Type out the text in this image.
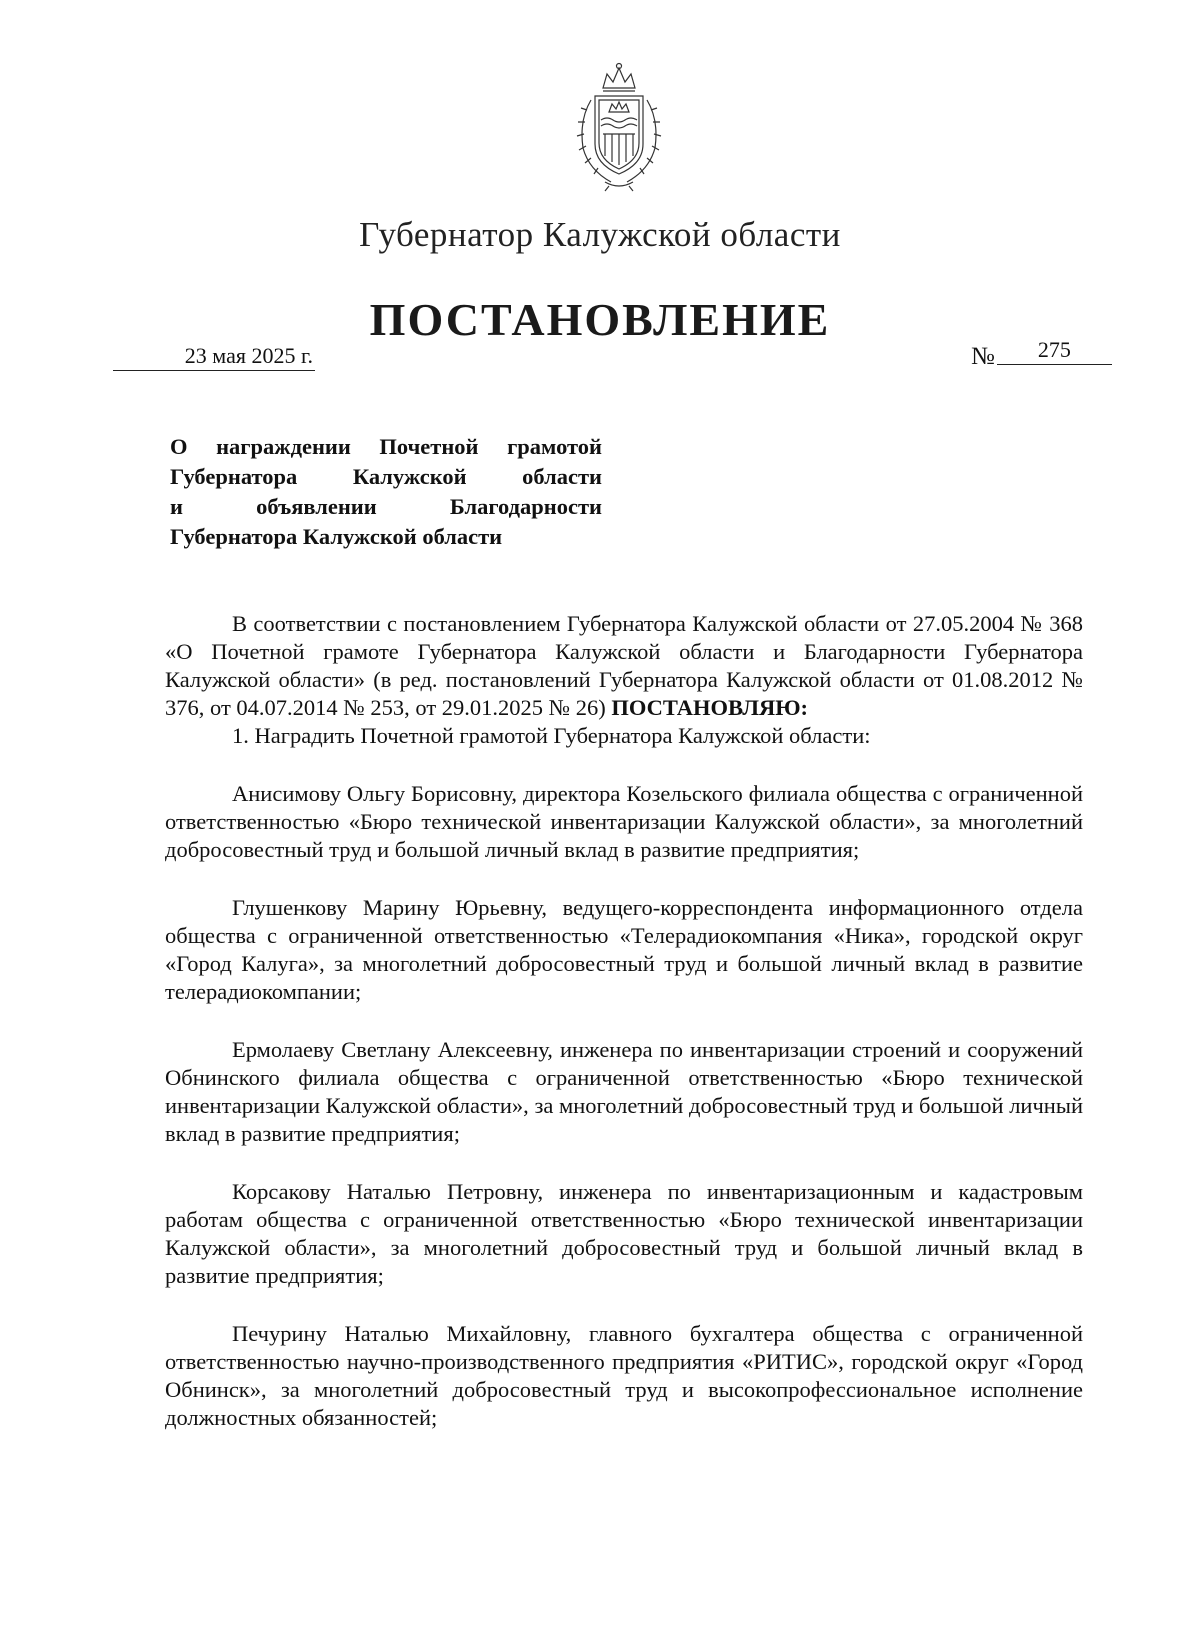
Губернатор Калужской области
ПОСТАНОВЛЕНИЕ
23 мая 2025 г.	№	275
О награждении Почетной грамотой
Губернатора Калужской области
и объявлении Благодарности
Губернатора Калужской области

В соответствии с постановлением Губернатора Калужской области от 27.05.2004 № 368 «О Почетной грамоте Губернатора Калужской области и Благодарности Губернатора Калужской области» (в ред. постановлений Губернатора Калужской области от 01.08.2012 № 376, от 04.07.2014 № 253, от 29.01.2025 № 26) ПОСТАНОВЛЯЮ:

1. Наградить Почетной грамотой Губернатора Калужской области:

Анисимову Ольгу Борисовну, директора Козельского филиала общества с ограниченной ответственностью «Бюро технической инвентаризации Калужской области», за многолетний добросовестный труд и большой личный вклад в развитие предприятия;

Глушенкову Марину Юрьевну, ведущего-корреспондента информационного отдела общества с ограниченной ответственностью «Телерадиокомпания «Ника», городской округ «Город Калуга», за многолетний добросовестный труд и большой личный вклад в развитие телерадиокомпании;

Ермолаеву Светлану Алексеевну, инженера по инвентаризации строений и сооружений Обнинского филиала общества с ограниченной ответственностью «Бюро технической инвентаризации Калужской области», за многолетний добросовестный труд и большой личный вклад в развитие предприятия;

Корсакову Наталью Петровну, инженера по инвентаризационным и кадастровым работам общества с ограниченной ответственностью «Бюро технической инвентаризации Калужской области», за многолетний добросовестный труд и большой личный вклад в развитие предприятия;

Печурину Наталью Михайловну, главного бухгалтера общества с ограниченной ответственностью научно-производственного предприятия «РИТИС», городской округ «Город Обнинск», за многолетний добросовестный труд и высокопрофессиональное исполнение должностных обязанностей;
